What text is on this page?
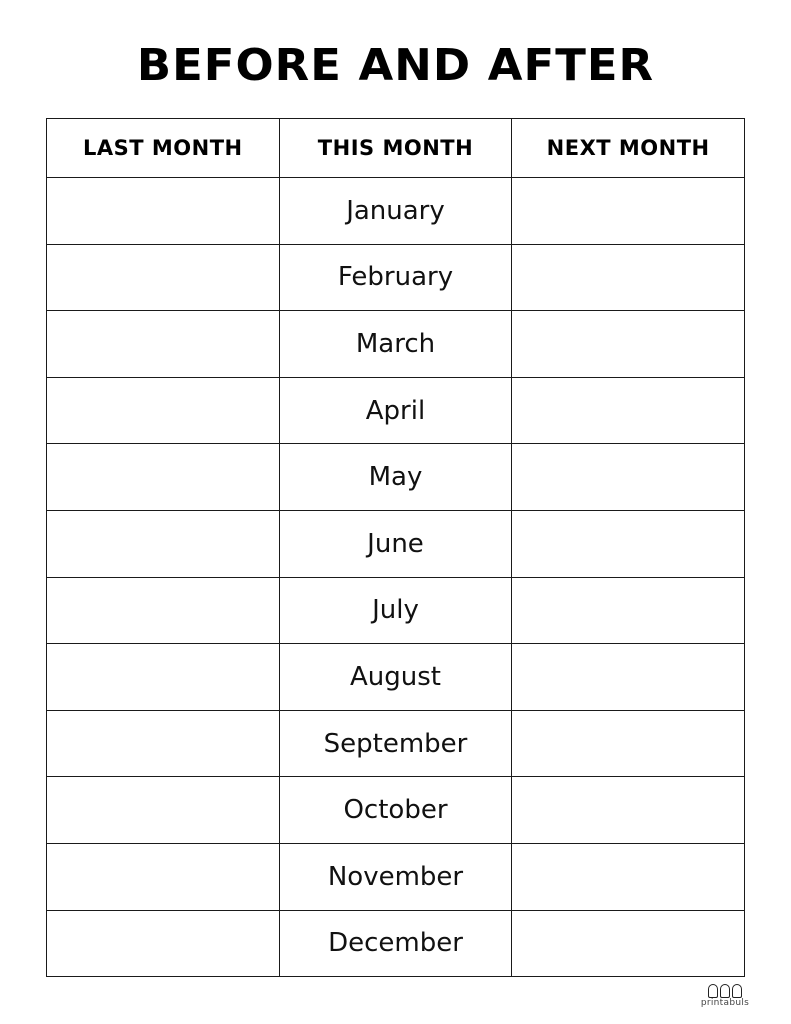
BEFORE AND AFTER
LAST MONTH	THIS MONTH	NEXT MONTH
	January	
	February	
	March	
	April	
	May	
	June	
	July	
	August	
	September	
	October	
	November	
	December	
printabuls
